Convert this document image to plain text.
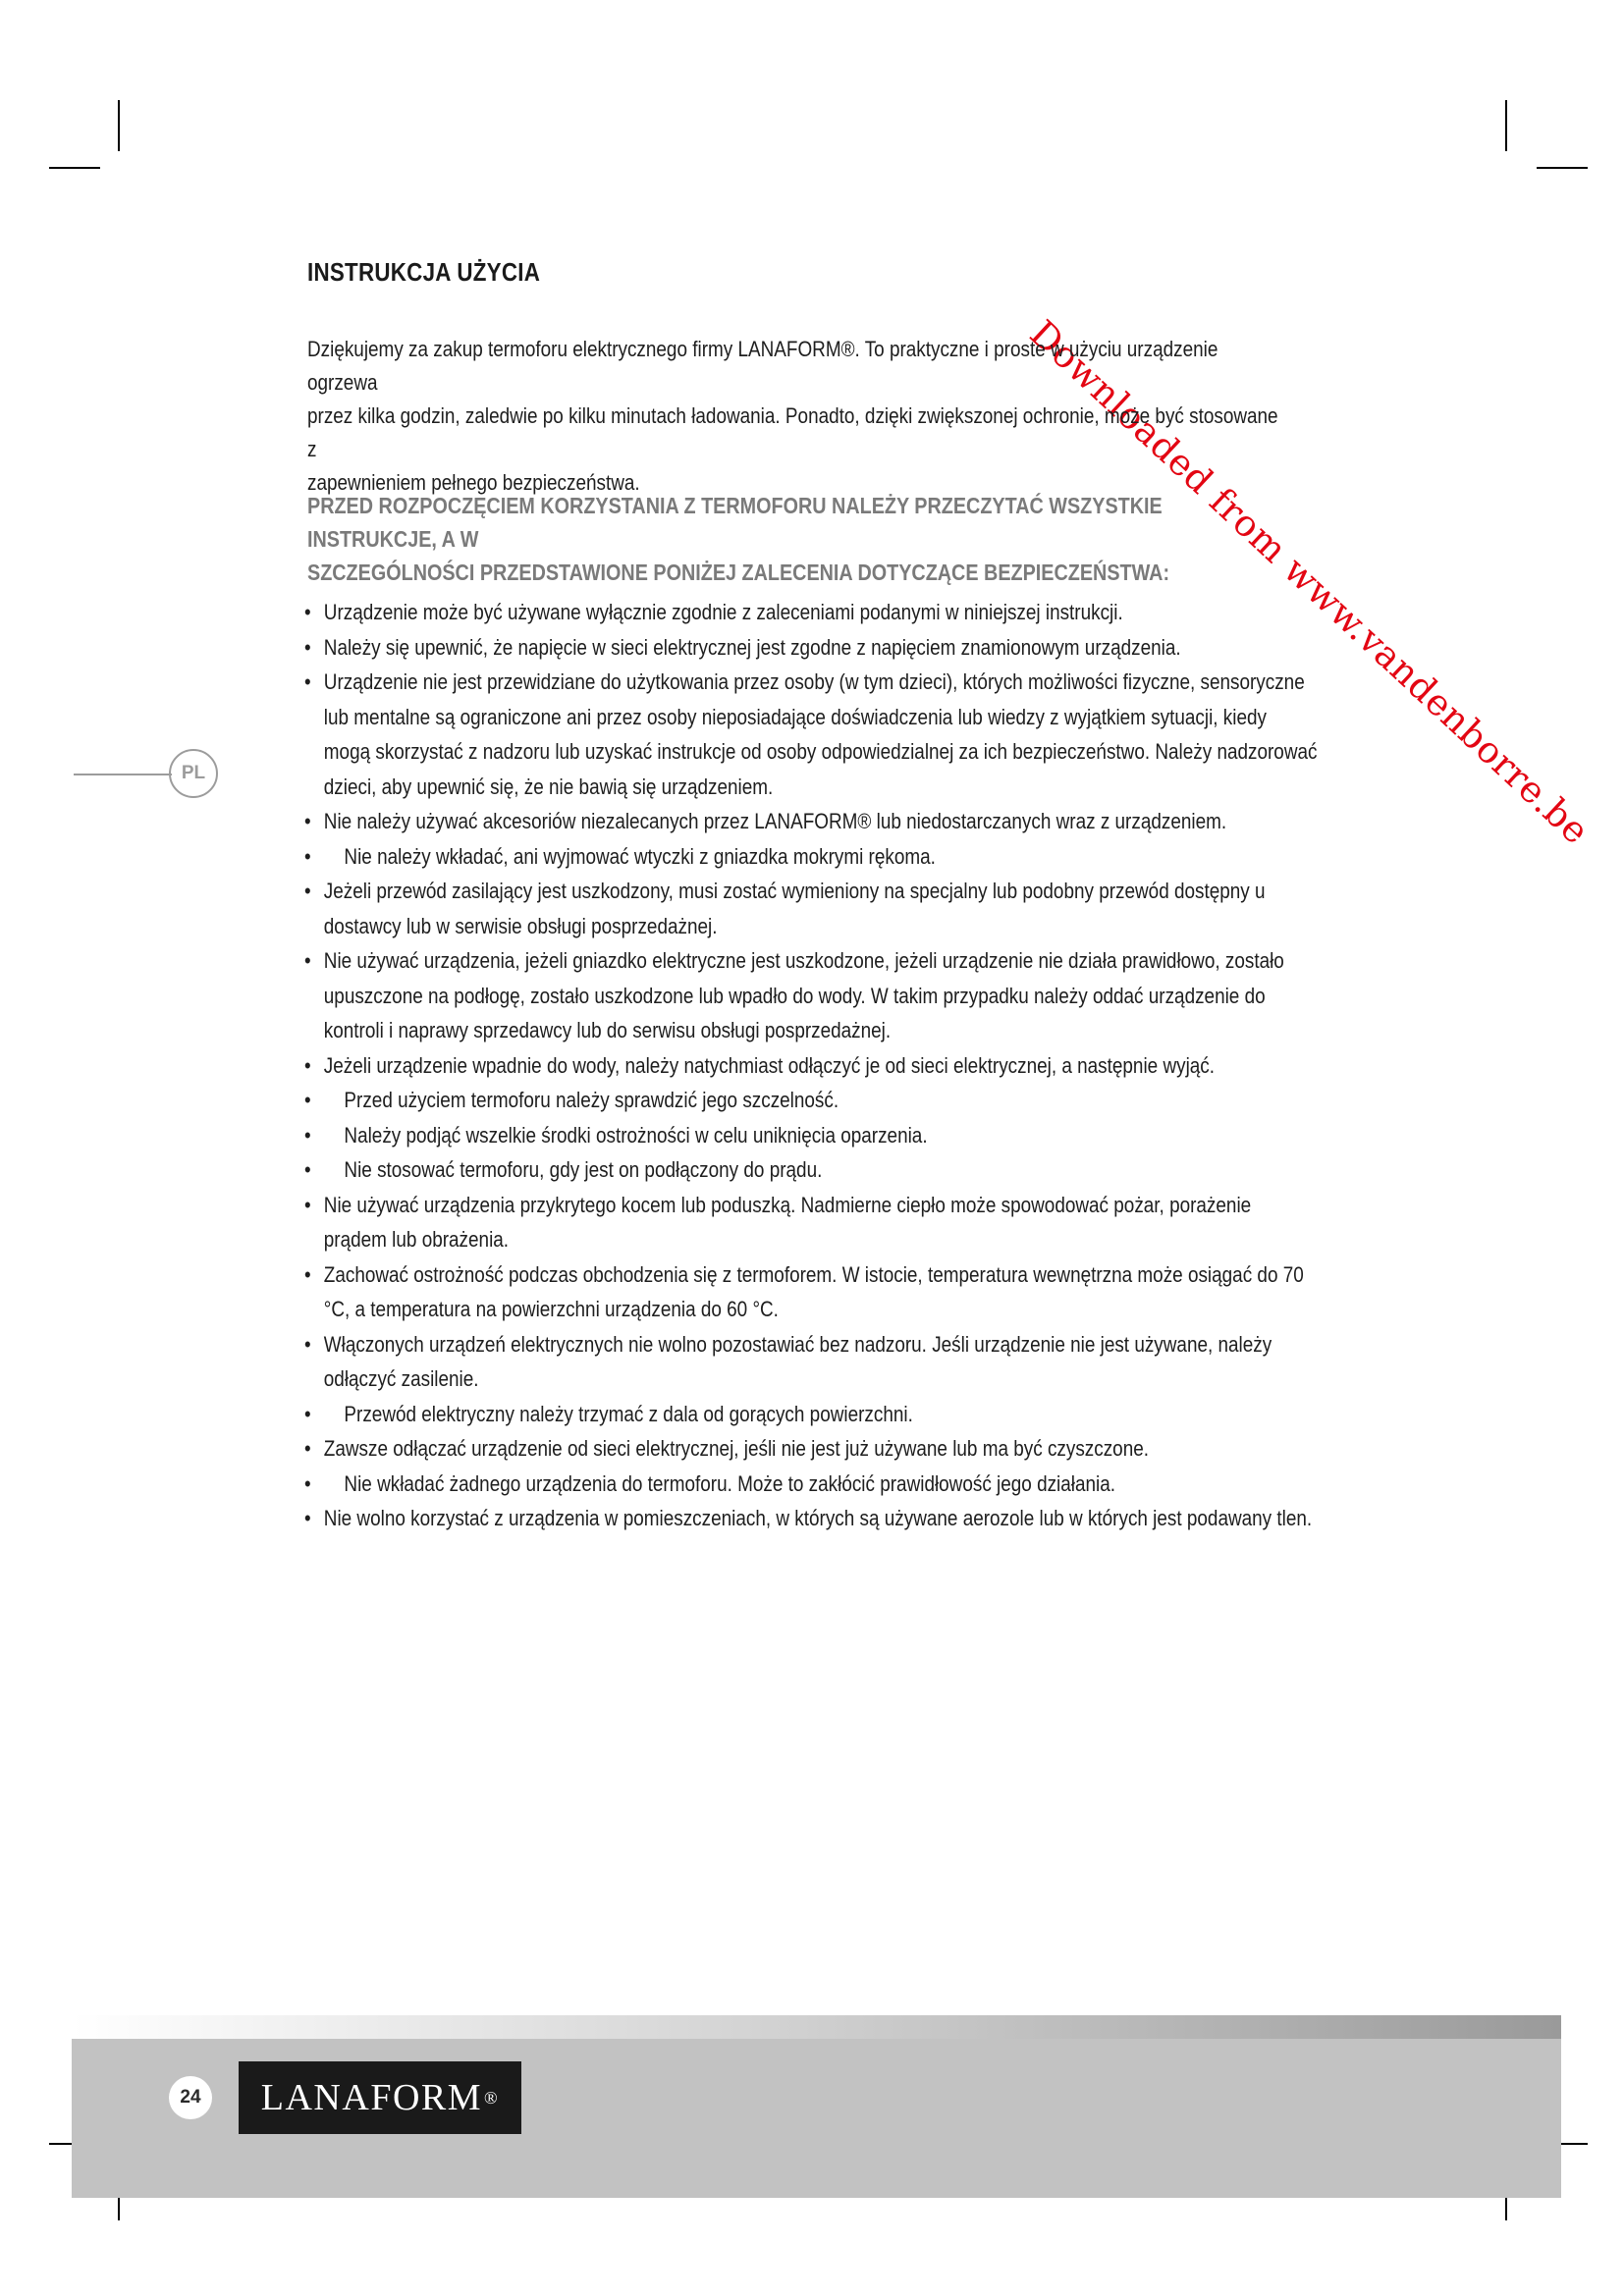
Downloaded from www.vandenborre.be
INSTRUKCJA UŻYCIA
Dziękujemy za zakup termoforu elektrycznego firmy LANAFORM®. To praktyczne i proste w użyciu urządzenie ogrzewa
przez kilka godzin, zaledwie po kilku minutach ładowania. Ponadto, dzięki zwiększonej ochronie, może być stosowane z
zapewnieniem pełnego bezpieczeństwa.
PRZED ROZPOCZĘCIEM KORZYSTANIA Z TERMOFORU NALEŻY PRZECZYTAĆ WSZYSTKIE INSTRUKCJE, A W
SZCZEGÓLNOŚCI PRZEDSTAWIONE PONIŻEJ ZALECENIA DOTYCZĄCE BEZPIECZEŃSTWA:
• Urządzenie może być używane wyłącznie zgodnie z zaleceniami podanymi w niniejszej instrukcji.
• Należy się upewnić, że napięcie w sieci elektrycznej jest zgodne z napięciem znamionowym urządzenia.
• Urządzenie nie jest przewidziane do użytkowania przez osoby (w tym dzieci), których możliwości fizyczne, sensoryczne
lub mentalne są ograniczone ani przez osoby nieposiadające doświadczenia lub wiedzy z wyjątkiem sytuacji, kiedy
mogą skorzystać z nadzoru lub uzyskać instrukcje od osoby odpowiedzialnej za ich bezpieczeństwo. Należy nadzorować
dzieci, aby upewnić się, że nie bawią się urządzeniem.
• Nie należy używać akcesoriów niezalecanych przez LANAFORM® lub niedostarczanych wraz z urządzeniem.
• Nie należy wkładać, ani wyjmować wtyczki z gniazdka mokrymi rękoma.
• Jeżeli przewód zasilający jest uszkodzony, musi zostać wymieniony na specjalny lub podobny przewód dostępny u
dostawcy lub w serwisie obsługi posprzedażnej.
• Nie używać urządzenia, jeżeli gniazdko elektryczne jest uszkodzone, jeżeli urządzenie nie działa prawidłowo, zostało
upuszczone na podłogę, zostało uszkodzone lub wpadło do wody. W takim przypadku należy oddać urządzenie do
kontroli i naprawy sprzedawcy lub do serwisu obsługi posprzedażnej.
• Jeżeli urządzenie wpadnie do wody, należy natychmiast odłączyć je od sieci elektrycznej, a następnie wyjąć.
• Przed użyciem termoforu należy sprawdzić jego szczelność.
• Należy podjąć wszelkie środki ostrożności w celu uniknięcia oparzenia.
• Nie stosować termoforu, gdy jest on podłączony do prądu.
• Nie używać urządzenia przykrytego kocem lub poduszką. Nadmierne ciepło może spowodować pożar, porażenie
prądem lub obrażenia.
• Zachować ostrożność podczas obchodzenia się z termoforem. W istocie, temperatura wewnętrzna może osiągać do 70
°C, a temperatura na powierzchni urządzenia do 60 °C.
• Włączonych urządzeń elektrycznych nie wolno pozostawiać bez nadzoru. Jeśli urządzenie nie jest używane, należy
odłączyć zasilenie.
• Przewód elektryczny należy trzymać z dala od gorących powierzchni.
• Zawsze odłączać urządzenie od sieci elektrycznej, jeśli nie jest już używane lub ma być czyszczone.
• Nie wkładać żadnego urządzenia do termoforu. Może to zakłócić prawidłowość jego działania.
• Nie wolno korzystać z urządzenia w pomieszczeniach, w których są używane aerozole lub w których jest podawany tlen.
PL
24	LANAFORM ®
